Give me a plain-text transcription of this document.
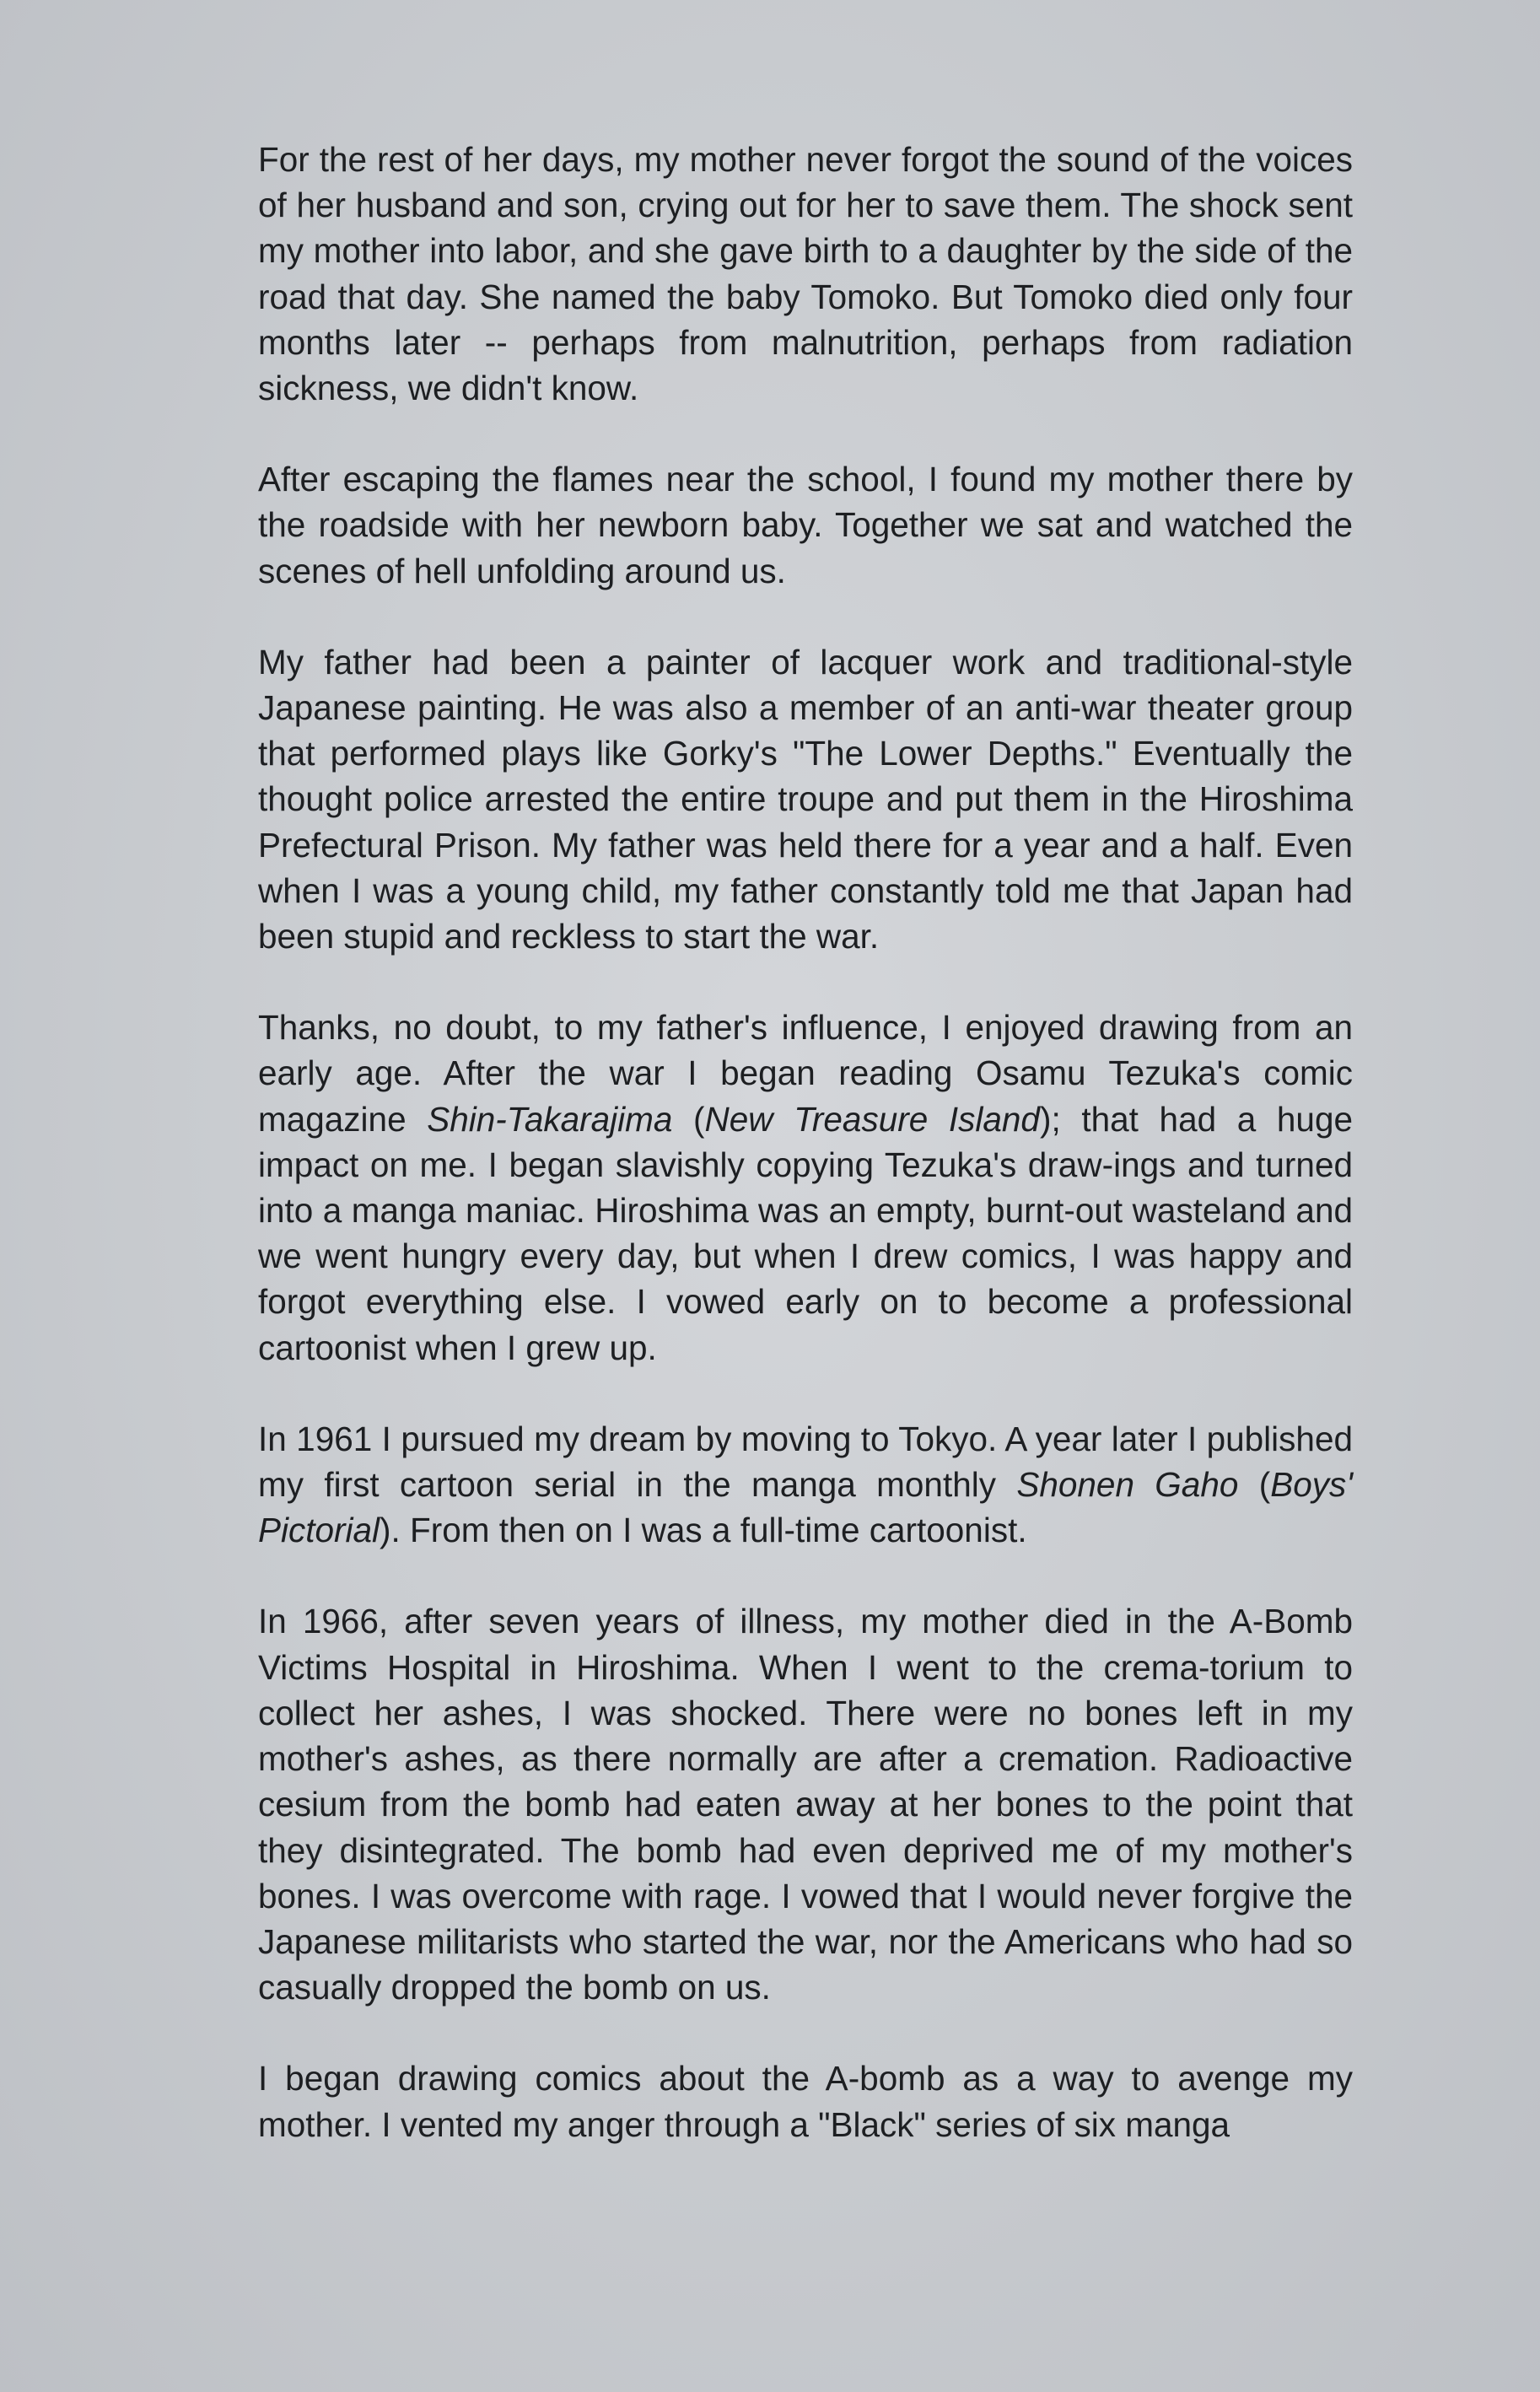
For the rest of her days, my mother never forgot the sound of the voices of her husband and son, crying out for her to save them. The shock sent my mother into labor, and she gave birth to a daughter by the side of the road that day. She named the baby Tomoko. But Tomoko died only four months later -- perhaps from malnutrition, perhaps from radiation sickness, we didn't know.

After escaping the flames near the school, I found my mother there by the roadside with her newborn baby. Together we sat and watched the scenes of hell unfolding around us.

My father had been a painter of lacquer work and traditional-style Japanese painting. He was also a member of an anti-war theater group that performed plays like Gorky's "The Lower Depths." Eventually the thought police arrested the entire troupe and put them in the Hiroshima Prefectural Prison. My father was held there for a year and a half. Even when I was a young child, my father constantly told me that Japan had been stupid and reckless to start the war.

Thanks, no doubt, to my father's influence, I enjoyed drawing from an early age. After the war I began reading Osamu Tezuka's comic magazine Shin-Takarajima (New Treasure Island); that had a huge impact on me. I began slavishly copying Tezuka's draw-ings and turned into a manga maniac. Hiroshima was an empty, burnt-out wasteland and we went hungry every day, but when I drew comics, I was happy and forgot everything else. I vowed early on to become a professional cartoonist when I grew up.

In 1961 I pursued my dream by moving to Tokyo. A year later I published my first cartoon serial in the manga monthly Shonen Gaho (Boys' Pictorial). From then on I was a full-time cartoonist.

In 1966, after seven years of illness, my mother died in the A-Bomb Victims Hospital in Hiroshima. When I went to the crema-torium to collect her ashes, I was shocked. There were no bones left in my mother's ashes, as there normally are after a cremation. Radioactive cesium from the bomb had eaten away at her bones to the point that they disintegrated. The bomb had even deprived me of my mother's bones. I was overcome with rage. I vowed that I would never forgive the Japanese militarists who started the war, nor the Americans who had so casually dropped the bomb on us.

I began drawing comics about the A-bomb as a way to avenge my mother. I vented my anger through a "Black" series of six manga
